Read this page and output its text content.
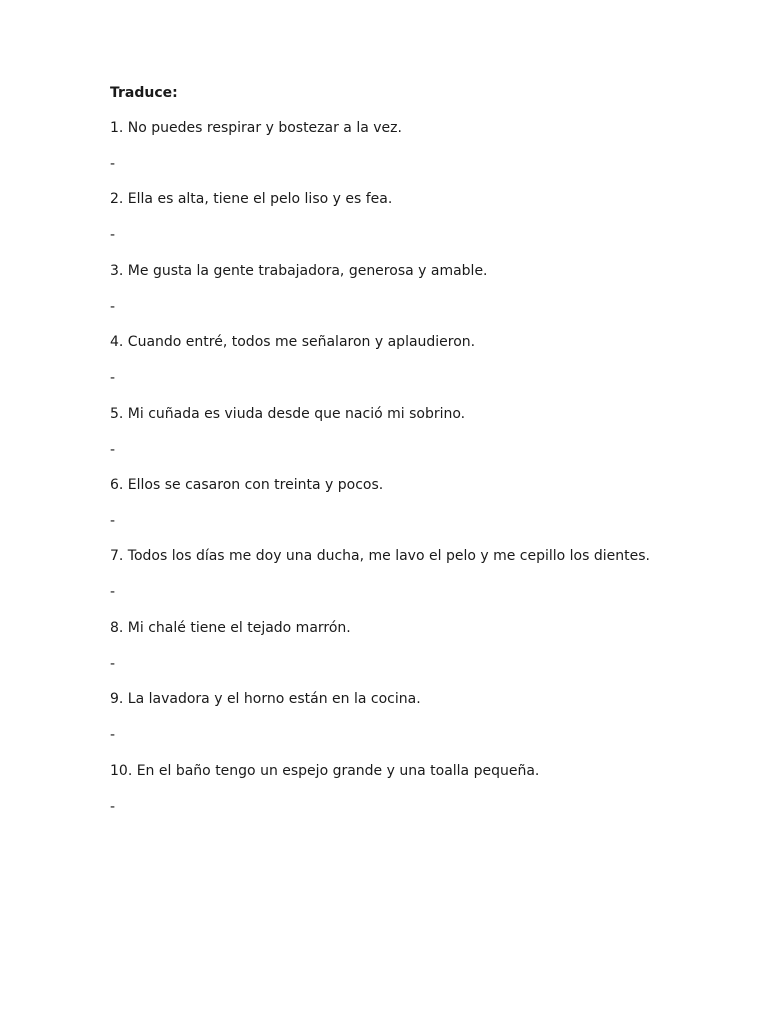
Traduce:
1. No puedes respirar y bostezar a la vez.
-
2. Ella es alta, tiene el pelo liso y es fea.
-
3. Me gusta la gente trabajadora, generosa y amable.
-
4. Cuando entré, todos me señalaron y aplaudieron.
-
5. Mi cuñada es viuda desde que nació mi sobrino.
-
6. Ellos se casaron con treinta y pocos.
-
7. Todos los días me doy una ducha, me lavo el pelo y me cepillo los dientes.
-
8. Mi chalé tiene el tejado marrón.
-
9. La lavadora y el horno están en la cocina.
-
10. En el baño tengo un espejo grande y una toalla pequeña.
-
